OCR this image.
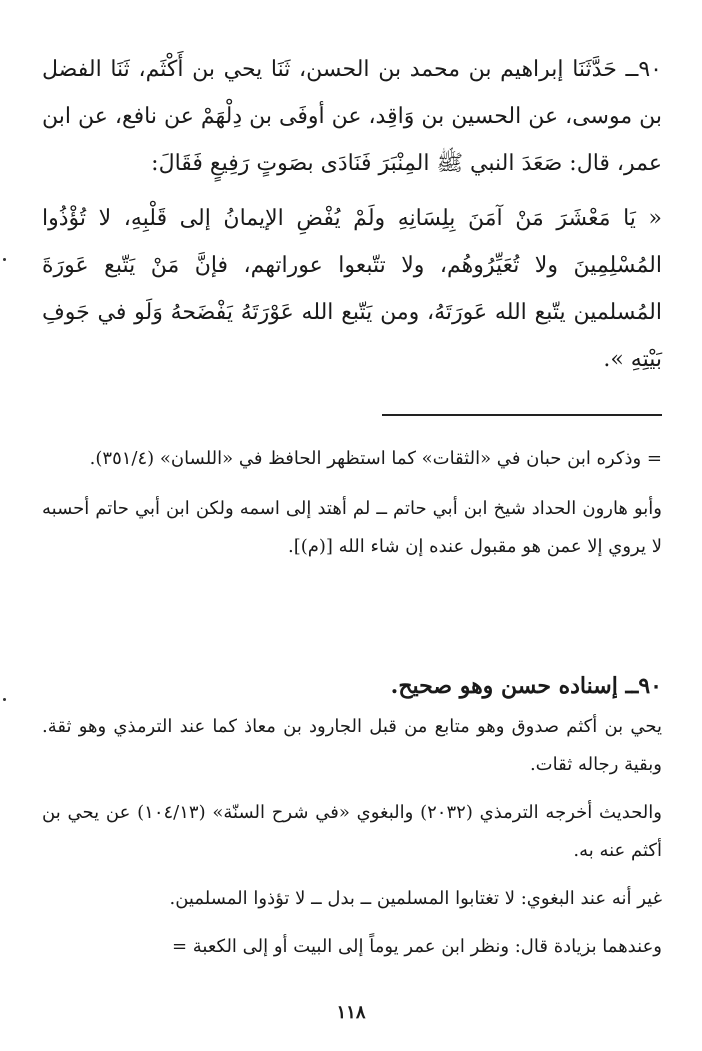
٩٠ــ حَدَّثَنَا إبراهيم بن محمد بن الحسن، ثَنَا يحي بن أَكْثَم، ثَنَا الفضل بن موسى، عن الحسين بن وَاقِد، عن أوفَى بن دِلْهَمْ عن نافع، عن ابن عمر، قال: صَعَدَ النبي ﷺ المِنْبَرَ فَنَادَى بصَوتٍ رَفِيعٍ فَقَالَ:

« يَا مَعْشَرَ مَنْ آمَنَ بِلِسَانِهِ ولَمْ يُفْضِ الإيمانُ إلى قَلْبِهِ، لا تُؤْذُوا المُسْلِمِينَ ولا تُعَيِّرُوهُم، ولا تتّبعوا عوراتهم، فإنَّ مَنْ يَتّبع عَورَةَ المُسلمين يتّبع الله عَورَتَهُ، ومن يَتّبع الله عَوْرَتَهُ يَفْضَحهُ وَلَو في جَوفِ بَيْتِهِ ».

= وذكره ابن حبان في «الثقات» كما استظهر الحافظ في «اللسان» (٣٥١/٤).

وأبو هارون الحداد شيخ ابن أبي حاتم ــ لم أهتد إلى اسمه ولكن ابن أبي حاتم أحسبه لا يروي إلا عمن هو مقبول عنده إن شاء الله [(م)].

٩٠ــ إسناده حسن وهو صحيح.

يحي بن أكثم صدوق وهو متابع من قبل الجارود بن معاذ كما عند الترمذي وهو ثقة. وبقية رجاله ثقات.

والحديث أخرجه الترمذي (٢٠٣٢) والبغوي «في شرح السنّة» (١٠٤/١٣) عن يحي بن أكثم عنه به.

غير أنه عند البغوي: لا تغتابوا المسلمين ــ بدل ــ لا تؤذوا المسلمين.

وعندهما بزيادة قال: ونظر ابن عمر يوماً إلى البيت أو إلى الكعبة =

١١٨
